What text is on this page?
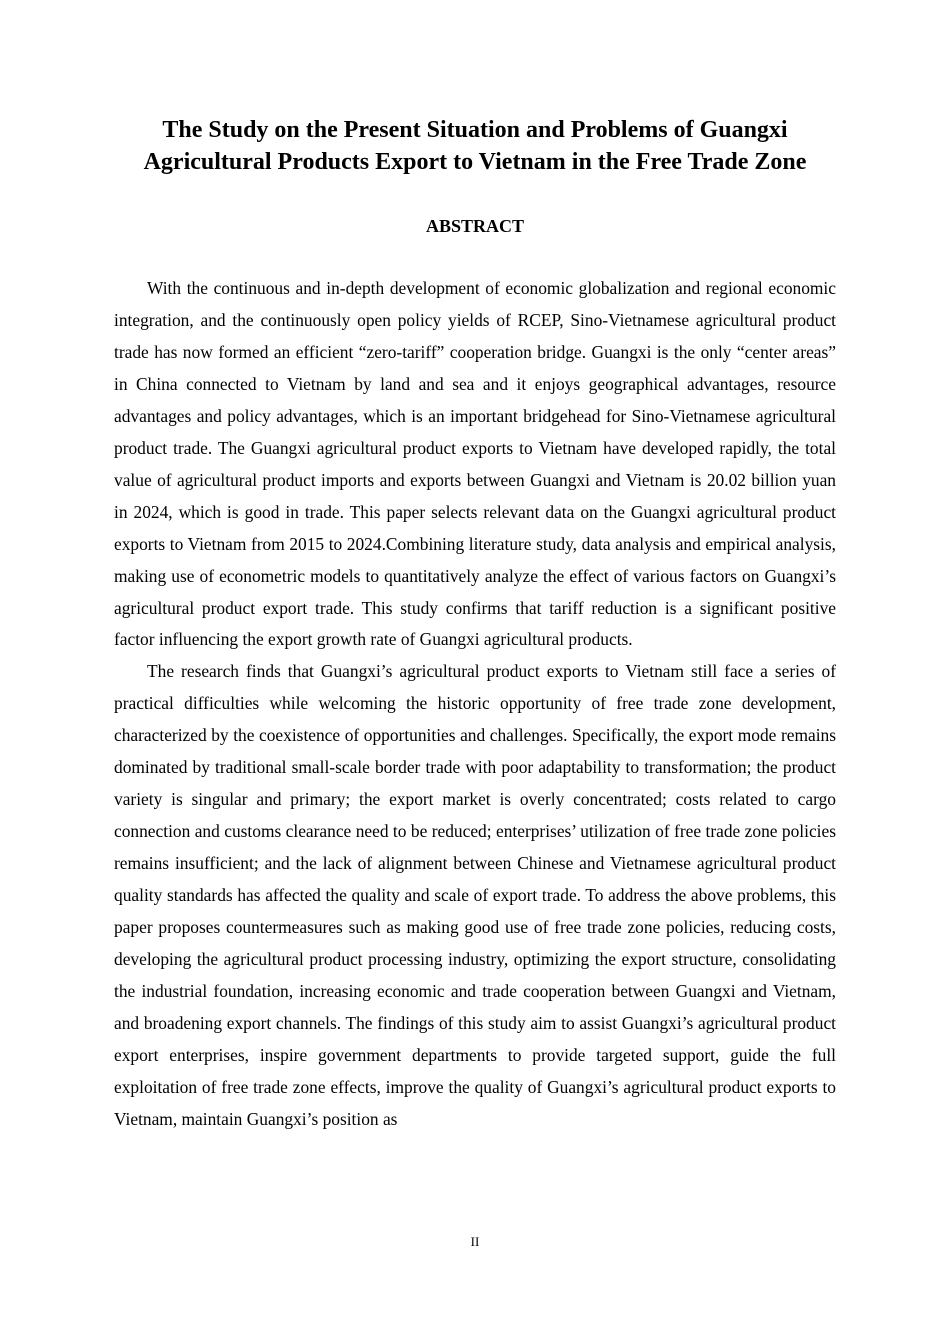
The Study on the Present Situation and Problems of Guangxi
Agricultural Products Export to Vietnam in the Free Trade Zone
ABSTRACT

With the continuous and in-depth development of economic globalization and regional economic integration, and the continuously open policy yields of RCEP, Sino-Vietnamese agricultural product trade has now formed an efficient “zero-tariff” cooperation bridge. Guangxi is the only “center areas” in China connected to Vietnam by land and sea and it enjoys geographical advantages, resource advantages and policy advantages, which is an important bridgehead for Sino-Vietnamese agricultural product trade. The Guangxi agricultural product exports to Vietnam have developed rapidly, the total value of agricultural product imports and exports between Guangxi and Vietnam is 20.02 billion yuan in 2024, which is good in trade. This paper selects relevant data on the Guangxi agricultural product exports to Vietnam from 2015 to 2024.Combining literature study, data analysis and empirical analysis, making use of econometric models to quantitatively analyze the effect of various factors on Guangxi’s agricultural product export trade. This study confirms that tariff reduction is a significant positive factor influencing the export growth rate of Guangxi agricultural products.

The research finds that Guangxi’s agricultural product exports to Vietnam still face a series of practical difficulties while welcoming the historic opportunity of free trade zone development, characterized by the coexistence of opportunities and challenges. Specifically, the export mode remains dominated by traditional small-scale border trade with poor adaptability to transformation; the product variety is singular and primary; the export market is overly concentrated; costs related to cargo connection and customs clearance need to be reduced; enterprises’ utilization of free trade zone policies remains insufficient; and the lack of alignment between Chinese and Vietnamese agricultural product quality standards has affected the quality and scale of export trade. To address the above problems, this paper proposes countermeasures such as making good use of free trade zone policies, reducing costs, developing the agricultural product processing industry, optimizing the export structure, consolidating the industrial foundation, increasing economic and trade cooperation between Guangxi and Vietnam, and broadening export channels. The findings of this study aim to assist Guangxi’s agricultural product export enterprises, inspire government departments to provide targeted support, guide the full exploitation of free trade zone effects, improve the quality of Guangxi’s agricultural product exports to Vietnam, maintain Guangxi’s position as

II
